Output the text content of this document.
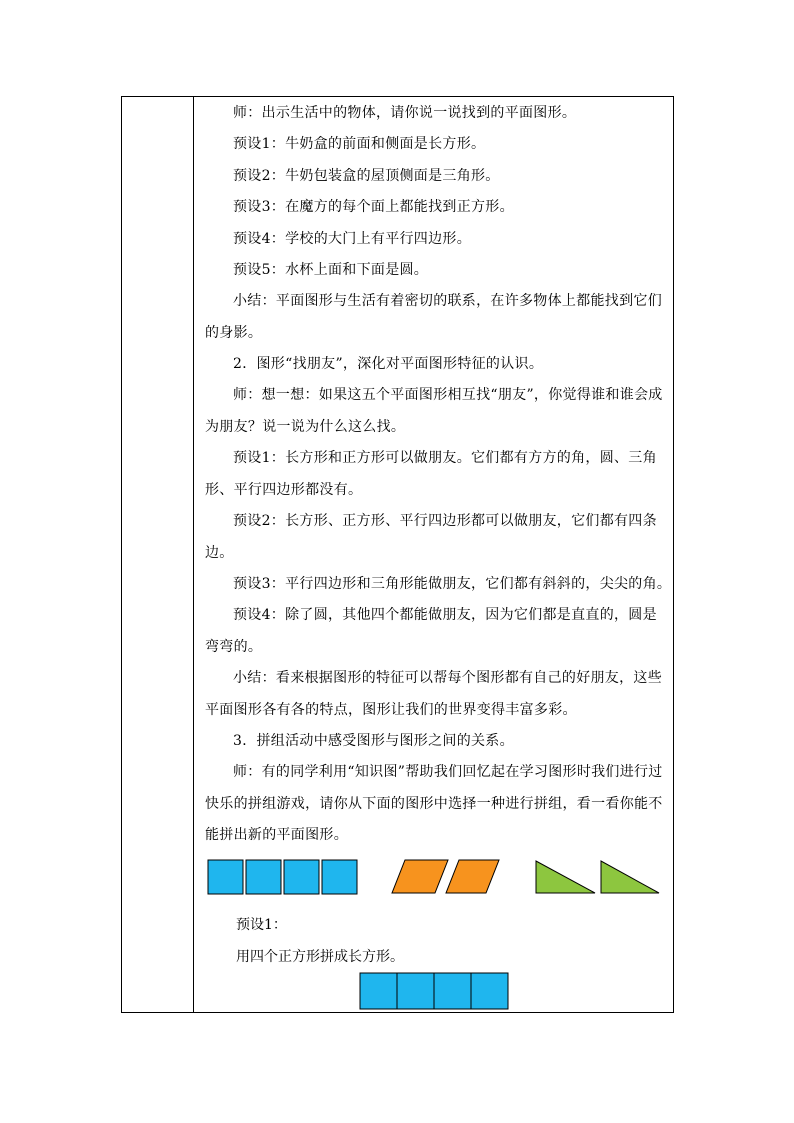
师：出示生活中的物体，请你说一说找到的平面图形。
预设1：牛奶盒的前面和侧面是长方形。
预设2：牛奶包装盒的屋顶侧面是三角形。
预设3：在魔方的每个面上都能找到正方形。
预设4：学校的大门上有平行四边形。
预设5：水杯上面和下面是圆。
小结：平面图形与生活有着密切的联系，在许多物体上都能找到它们的身影。
2．图形“找朋友”，深化对平面图形特征的认识。
师：想一想：如果这五个平面图形相互找“朋友”，你觉得谁和谁会成为朋友？说一说为什么这么找。
预设1：长方形和正方形可以做朋友。它们都有方方的角，圆、三角形、平行四边形都没有。
预设2：长方形、正方形、平行四边形都可以做朋友，它们都有四条边。
预设3：平行四边形和三角形能做朋友，它们都有斜斜的，尖尖的角。
预设4：除了圆，其他四个都能做朋友，因为它们都是直直的，圆是弯弯的。
小结：看来根据图形的特征可以帮每个图形都有自己的好朋友，这些平面图形各有各的特点，图形让我们的世界变得丰富多彩。
3．拼组活动中感受图形与图形之间的关系。
师：有的同学利用“知识图”帮助我们回忆起在学习图形时我们进行过快乐的拼组游戏，请你从下面的图形中选择一种进行拼组，看一看你能不能拼出新的平面图形。
预设1：
用四个正方形拼成长方形。
